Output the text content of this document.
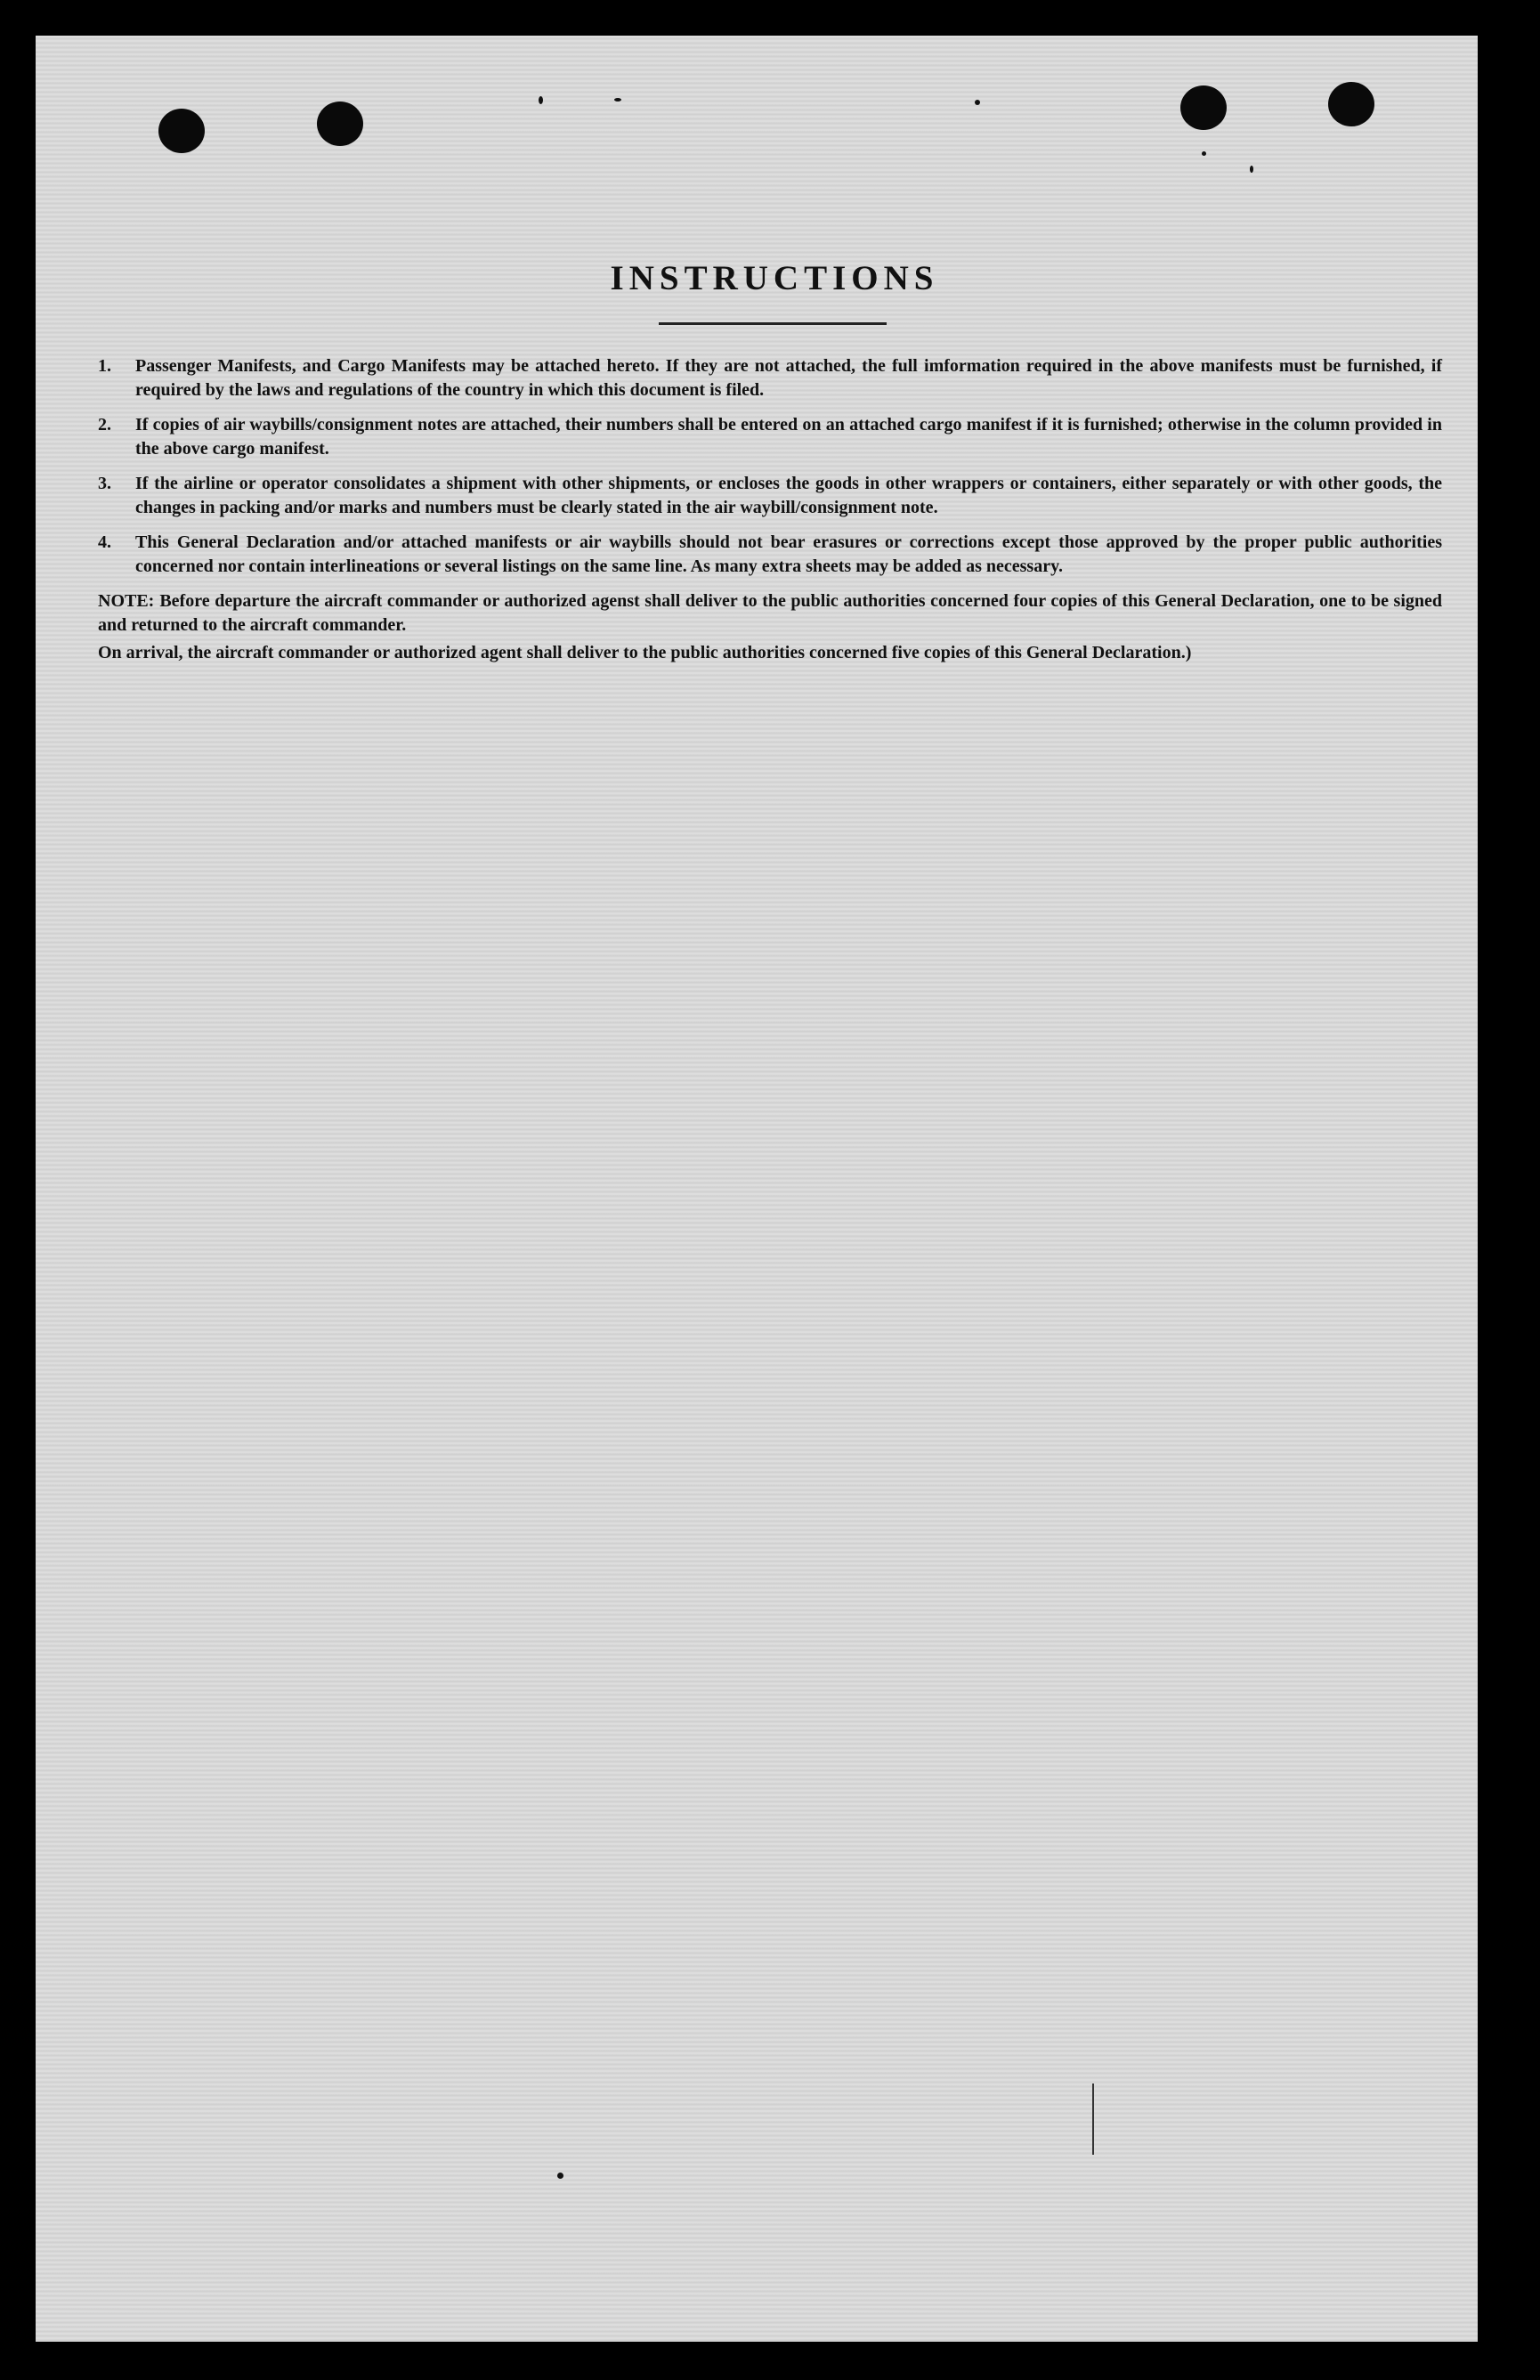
INSTRUCTIONS
1.	Passenger Manifests, and Cargo Manifests may be attached hereto. If they are not attached, the full imformation required in the above manifests must be furnished, if required by the laws and regulations of the country in which this document is filed.
2.	If copies of air waybills/consignment notes are attached, their numbers shall be entered on an attached cargo manifest if it is furnished; otherwise in the column provided in the above cargo manifest.
3.	If the airline or operator consolidates a shipment with other shipments, or encloses the goods in other wrappers or containers, either separately or with other goods, the changes in packing and/or marks and numbers must be clearly stated in the air waybill/consignment note.
4.	This General Declaration and/or attached manifests or air waybills should not bear erasures or corrections except those approved by the proper public authorities concerned nor contain interlineations or several listings on the same line. As many extra sheets may be added as necessary.

NOTE: Before departure the aircraft commander or authorized agenst shall deliver to the public authorities concerned four copies of this General Declaration, one to be signed and returned to the aircraft commander.

On arrival, the aircraft commander or authorized agent shall deliver to the public authorities concerned five copies of this General Declaration.)
